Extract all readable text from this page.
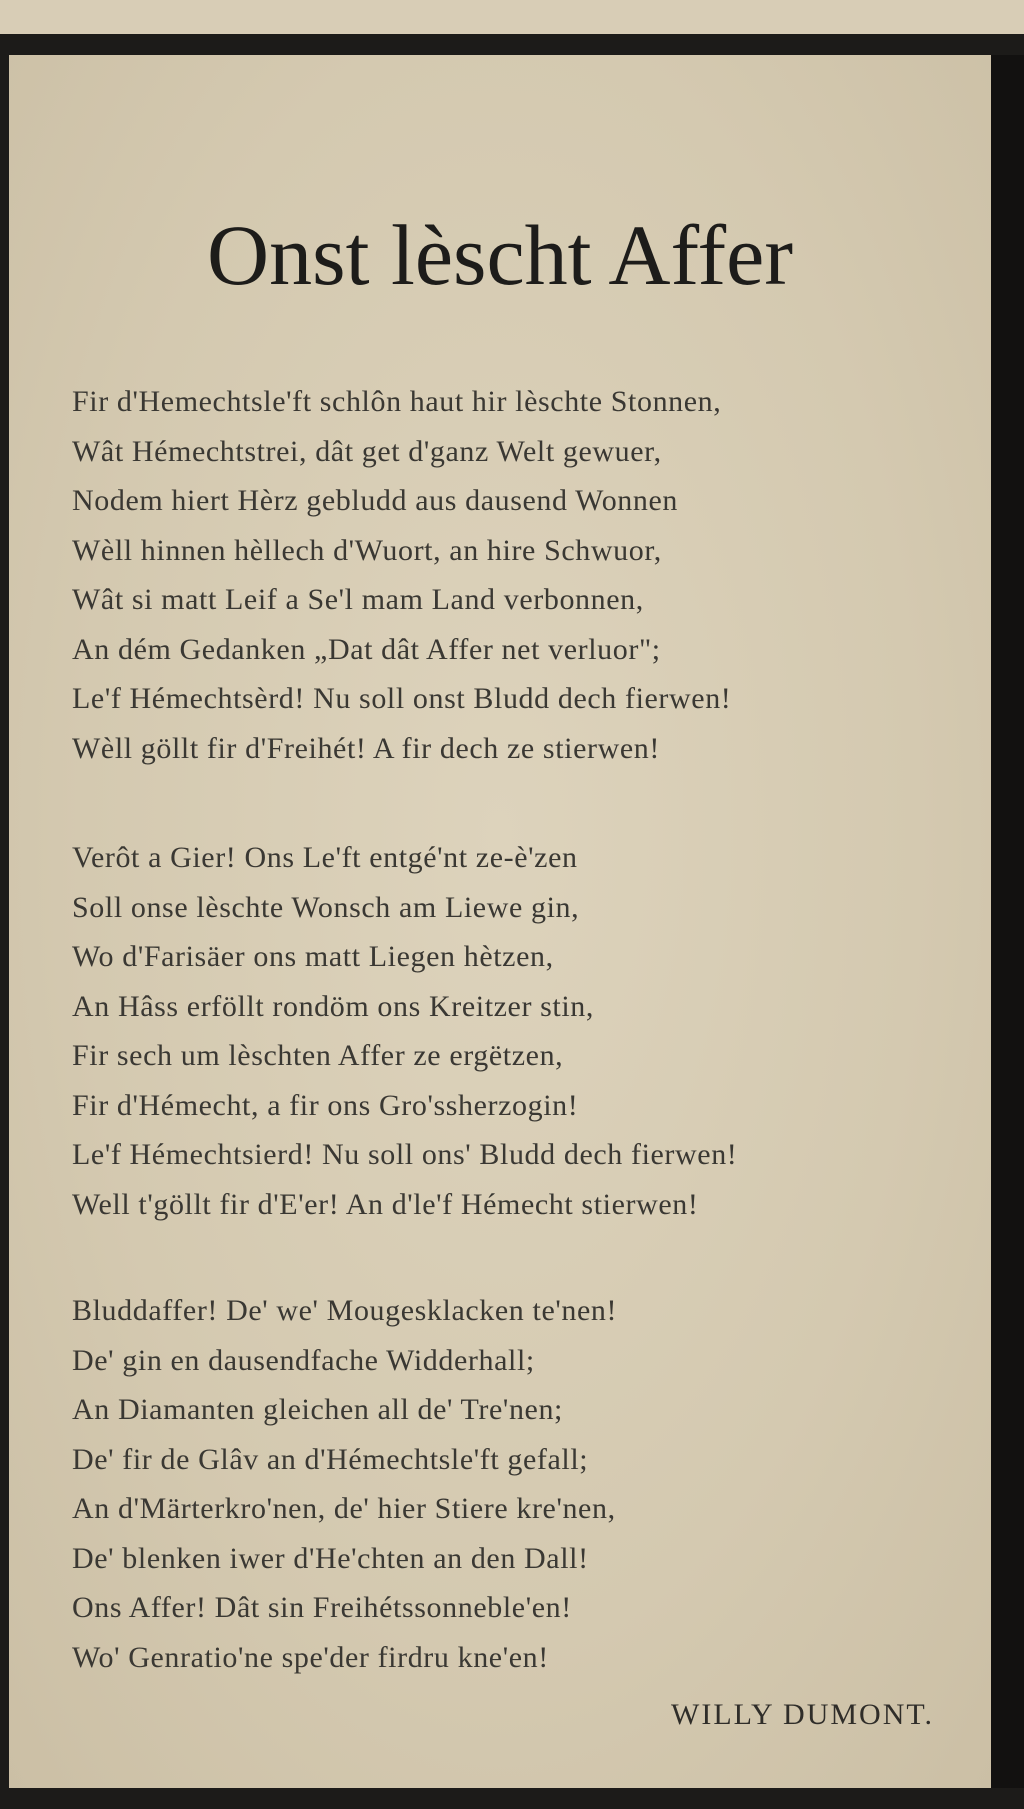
Onst lèscht Affer
Fir d'Hemechtsle'ft schlôn haut hir lèschte Stonnen,
Wât Hémechtstrei, dât get d'ganz Welt gewuer,
Nodem hiert Hèrz gebludd aus dausend Wonnen
Wèll hinnen hèllech d'Wuort, an hire Schwuor,
Wât si matt Leif a Se'l mam Land verbonnen,
An dém Gedanken „Dat dât Affer net verluor";
Le'f Hémechtsèrd! Nu soll onst Bludd dech fierwen!
Wèll göllt fir d'Freihét! A fir dech ze stierwen!
Verôt a Gier! Ons Le'ft entgé'nt ze-è'zen
Soll onse lèschte Wonsch am Liewe gin,
Wo d'Farisäer ons matt Liegen hètzen,
An Hâss erföllt rondöm ons Kreitzer stin,
Fir sech um lèschten Affer ze ergëtzen,
Fir d'Hémecht, a fir ons Gro'ssherzogin!
Le'f Hémechtsierd! Nu soll ons' Bludd dech fierwen!
Well t'göllt fir d'E'er! An d'le'f Hémecht stierwen!
Bluddaffer! De' we' Mougesklacken te'nen!
De' gin en dausendfache Widderhall;
An Diamanten gleichen all de' Tre'nen;
De' fir de Glâv an d'Hémechtsle'ft gefall;
An d'Märterkro'nen, de' hier Stiere kre'nen,
De' blenken iwer d'He'chten an den Dall!
Ons Affer! Dât sin Freihétssonneble'en!
Wo' Genratio'ne spe'der firdru kne'en!
WILLY DUMONT.
